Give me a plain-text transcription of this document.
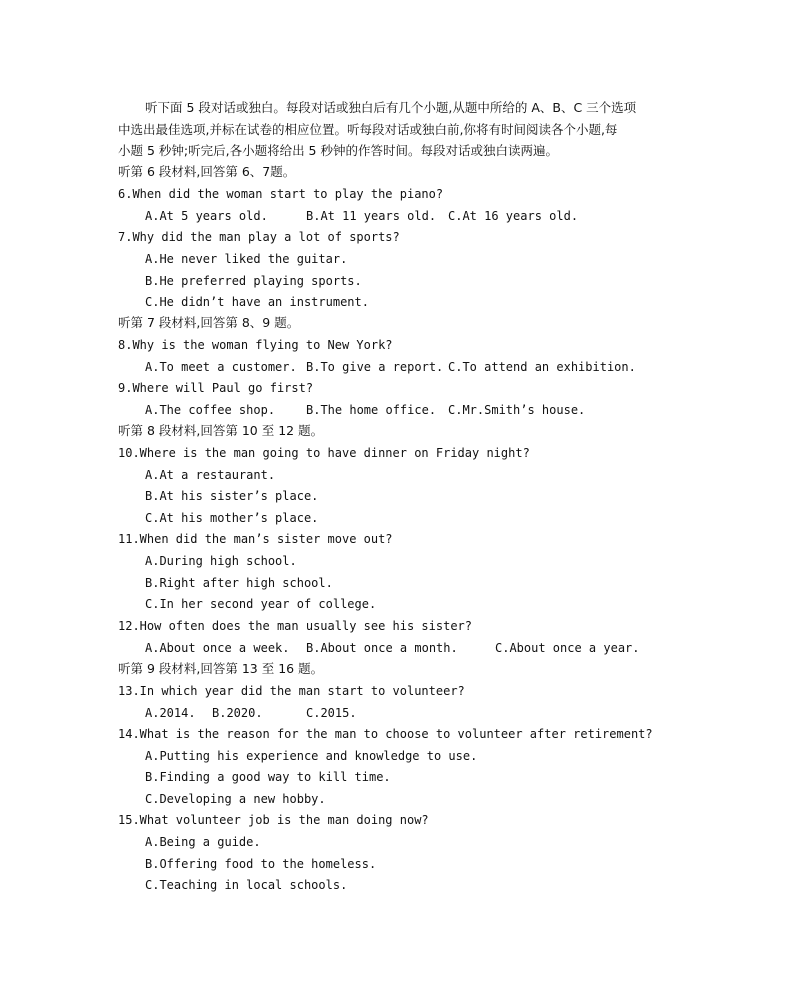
听下面 5 段对话或独白。每段对话或独白后有几个小题,从题中所给的 A、B、C 三个选项
中选出最佳选项,并标在试卷的相应位置。听每段对话或独白前,你将有时间阅读各个小题,每
小题 5 秒钟;听完后,各小题将给出 5 秒钟的作答时间。每段对话或独白读两遍。
听第 6 段材料,回答第 6、7题。
6.When did the woman start to play the piano?
A.At 5 years old.	B.At 11 years old. C.At 16 years old.
7.Why did the man play a lot of sports?
A.He never liked the guitar.
B.He preferred playing sports.
C.He didn’t have an instrument.
听第 7 段材料,回答第 8、9 题。
8.Why is the woman flying to New York?
A.To meet a customer. B.To give a report. C.To attend an exhibition.
9.Where will Paul go first?
A.The coffee shop.	B.The home office. C.Mr.Smith’s house.
听第 8 段材料,回答第 10 至 12 题。
10.Where is the man going to have dinner on Friday night?
A.At a restaurant.
B.At his sister’s place.
C.At his mother’s place.
11.When did the man’s sister move out?
A.During high school.
B.Right after high school.
C.In her second year of college.
12.How often does the man usually see his sister?
A.About once a week. B.About once a month.	C.About once a year.
听第 9 段材料,回答第 13 至 16 题。
13.In which year did the man start to volunteer?
A.2014. B.2020.	C.2015.
14.What is the reason for the man to choose to volunteer after retirement?
A.Putting his experience and knowledge to use.
B.Finding a good way to kill time.
C.Developing a new hobby.
15.What volunteer job is the man doing now?
A.Being a guide.
B.Offering food to the homeless.
C.Teaching in local schools.
